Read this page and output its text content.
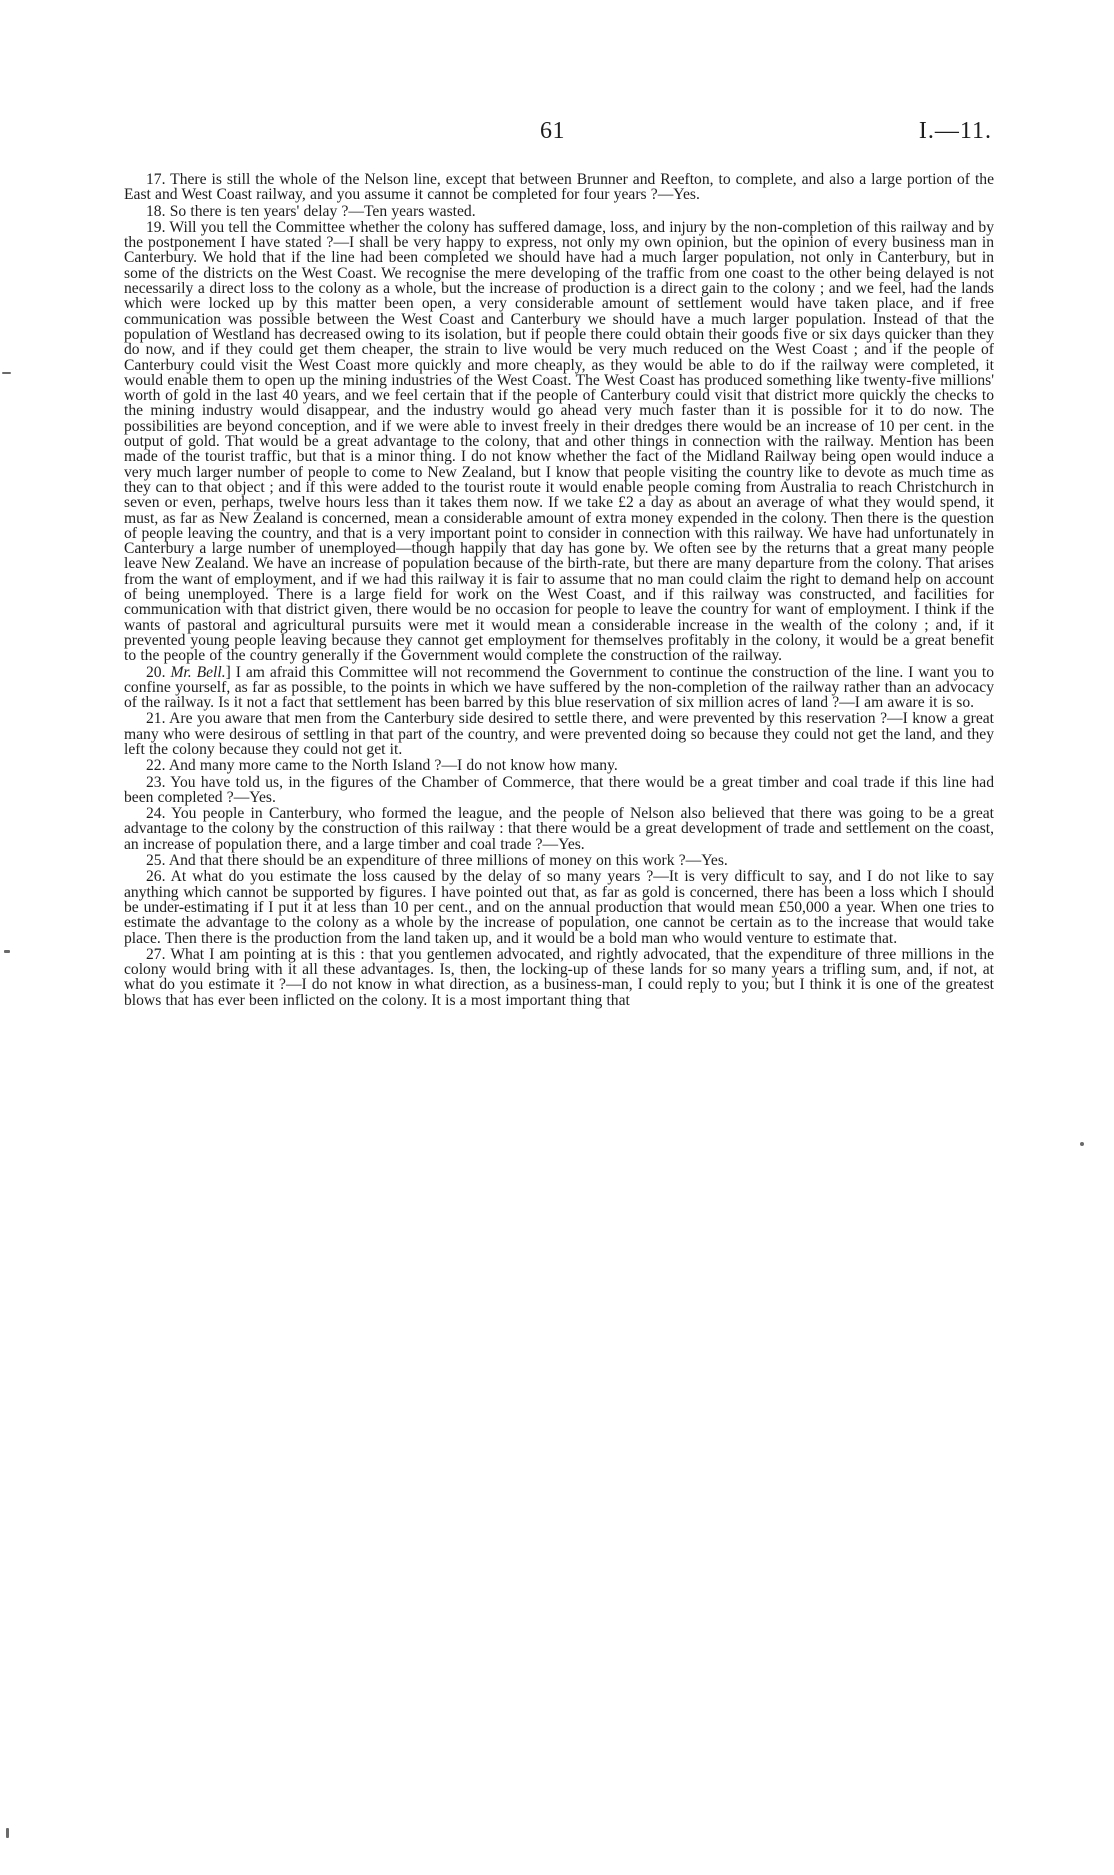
61	I.—11.

17. There is still the whole of the Nelson line, except that between Brunner and Reefton, to complete, and also a large portion of the East and West Coast railway, and you assume it cannot be completed for four years ?—Yes.

18. So there is ten years' delay ?—Ten years wasted.

19. Will you tell the Committee whether the colony has suffered damage, loss, and injury by the non-completion of this railway and by the postponement I have stated ?—I shall be very happy to express, not only my own opinion, but the opinion of every business man in Canterbury. We hold that if the line had been completed we should have had a much larger population, not only in Canterbury, but in some of the districts on the West Coast. We recognise the mere developing of the traffic from one coast to the other being delayed is not necessarily a direct loss to the colony as a whole, but the increase of production is a direct gain to the colony ; and we feel, had the lands which were locked up by this matter been open, a very considerable amount of settlement would have taken place, and if free communication was possible between the West Coast and Canterbury we should have a much larger population. Instead of that the population of Westland has decreased owing to its isolation, but if people there could obtain their goods five or six days quicker than they do now, and if they could get them cheaper, the strain to live would be very much reduced on the West Coast ; and if the people of Canterbury could visit the West Coast more quickly and more cheaply, as they would be able to do if the railway were completed, it would enable them to open up the mining industries of the West Coast. The West Coast has produced something like twenty-five millions' worth of gold in the last 40 years, and we feel certain that if the people of Canterbury could visit that district more quickly the checks to the mining industry would disappear, and the industry would go ahead very much faster than it is possible for it to do now. The possibilities are beyond conception, and if we were able to invest freely in their dredges there would be an increase of 10 per cent. in the output of gold. That would be a great advantage to the colony, that and other things in connection with the railway. Mention has been made of the tourist traffic, but that is a minor thing. I do not know whether the fact of the Midland Railway being open would induce a very much larger number of people to come to New Zealand, but I know that people visiting the country like to devote as much time as they can to that object ; and if this were added to the tourist route it would enable people coming from Australia to reach Christchurch in seven or even, perhaps, twelve hours less than it takes them now. If we take £2 a day as about an average of what they would spend, it must, as far as New Zealand is concerned, mean a considerable amount of extra money expended in the colony. Then there is the question of people leaving the country, and that is a very important point to consider in connection with this railway. We have had unfortunately in Canterbury a large number of unemployed—though happily that day has gone by. We often see by the returns that a great many people leave New Zealand. We have an increase of population because of the birth-rate, but there are many departure from the colony. That arises from the want of employment, and if we had this railway it is fair to assume that no man could claim the right to demand help on account of being unemployed. There is a large field for work on the West Coast, and if this railway was constructed, and facilities for communication with that district given, there would be no occasion for people to leave the country for want of employment. I think if the wants of pastoral and agricultural pursuits were met it would mean a considerable increase in the wealth of the colony ; and, if it prevented young people leaving because they cannot get employment for themselves profitably in the colony, it would be a great benefit to the people of the country generally if the Government would complete the construction of the railway.

20. Mr. Bell.] I am afraid this Committee will not recommend the Government to continue the construction of the line. I want you to confine yourself, as far as possible, to the points in which we have suffered by the non-completion of the railway rather than an advocacy of the railway. Is it not a fact that settlement has been barred by this blue reservation of six million acres of land ?—I am aware it is so.

21. Are you aware that men from the Canterbury side desired to settle there, and were prevented by this reservation ?—I know a great many who were desirous of settling in that part of the country, and were prevented doing so because they could not get the land, and they left the colony because they could not get it.

22. And many more came to the North Island ?—I do not know how many.

23. You have told us, in the figures of the Chamber of Commerce, that there would be a great timber and coal trade if this line had been completed ?—Yes.

24. You people in Canterbury, who formed the league, and the people of Nelson also believed that there was going to be a great advantage to the colony by the construction of this railway : that there would be a great development of trade and settlement on the coast, an increase of population there, and a large timber and coal trade ?—Yes.

25. And that there should be an expenditure of three millions of money on this work ?—Yes.

26. At what do you estimate the loss caused by the delay of so many years ?—It is very difficult to say, and I do not like to say anything which cannot be supported by figures. I have pointed out that, as far as gold is concerned, there has been a loss which I should be under-estimating if I put it at less than 10 per cent., and on the annual production that would mean £50,000 a year. When one tries to estimate the advantage to the colony as a whole by the increase of population, one cannot be certain as to the increase that would take place. Then there is the production from the land taken up, and it would be a bold man who would venture to estimate that.

27. What I am pointing at is this : that you gentlemen advocated, and rightly advocated, that the expenditure of three millions in the colony would bring with it all these advantages. Is, then, the locking-up of these lands for so many years a trifling sum, and, if not, at what do you estimate it ?—I do not know in what direction, as a business-man, I could reply to you; but I think it is one of the greatest blows that has ever been inflicted on the colony. It is a most important thing that
